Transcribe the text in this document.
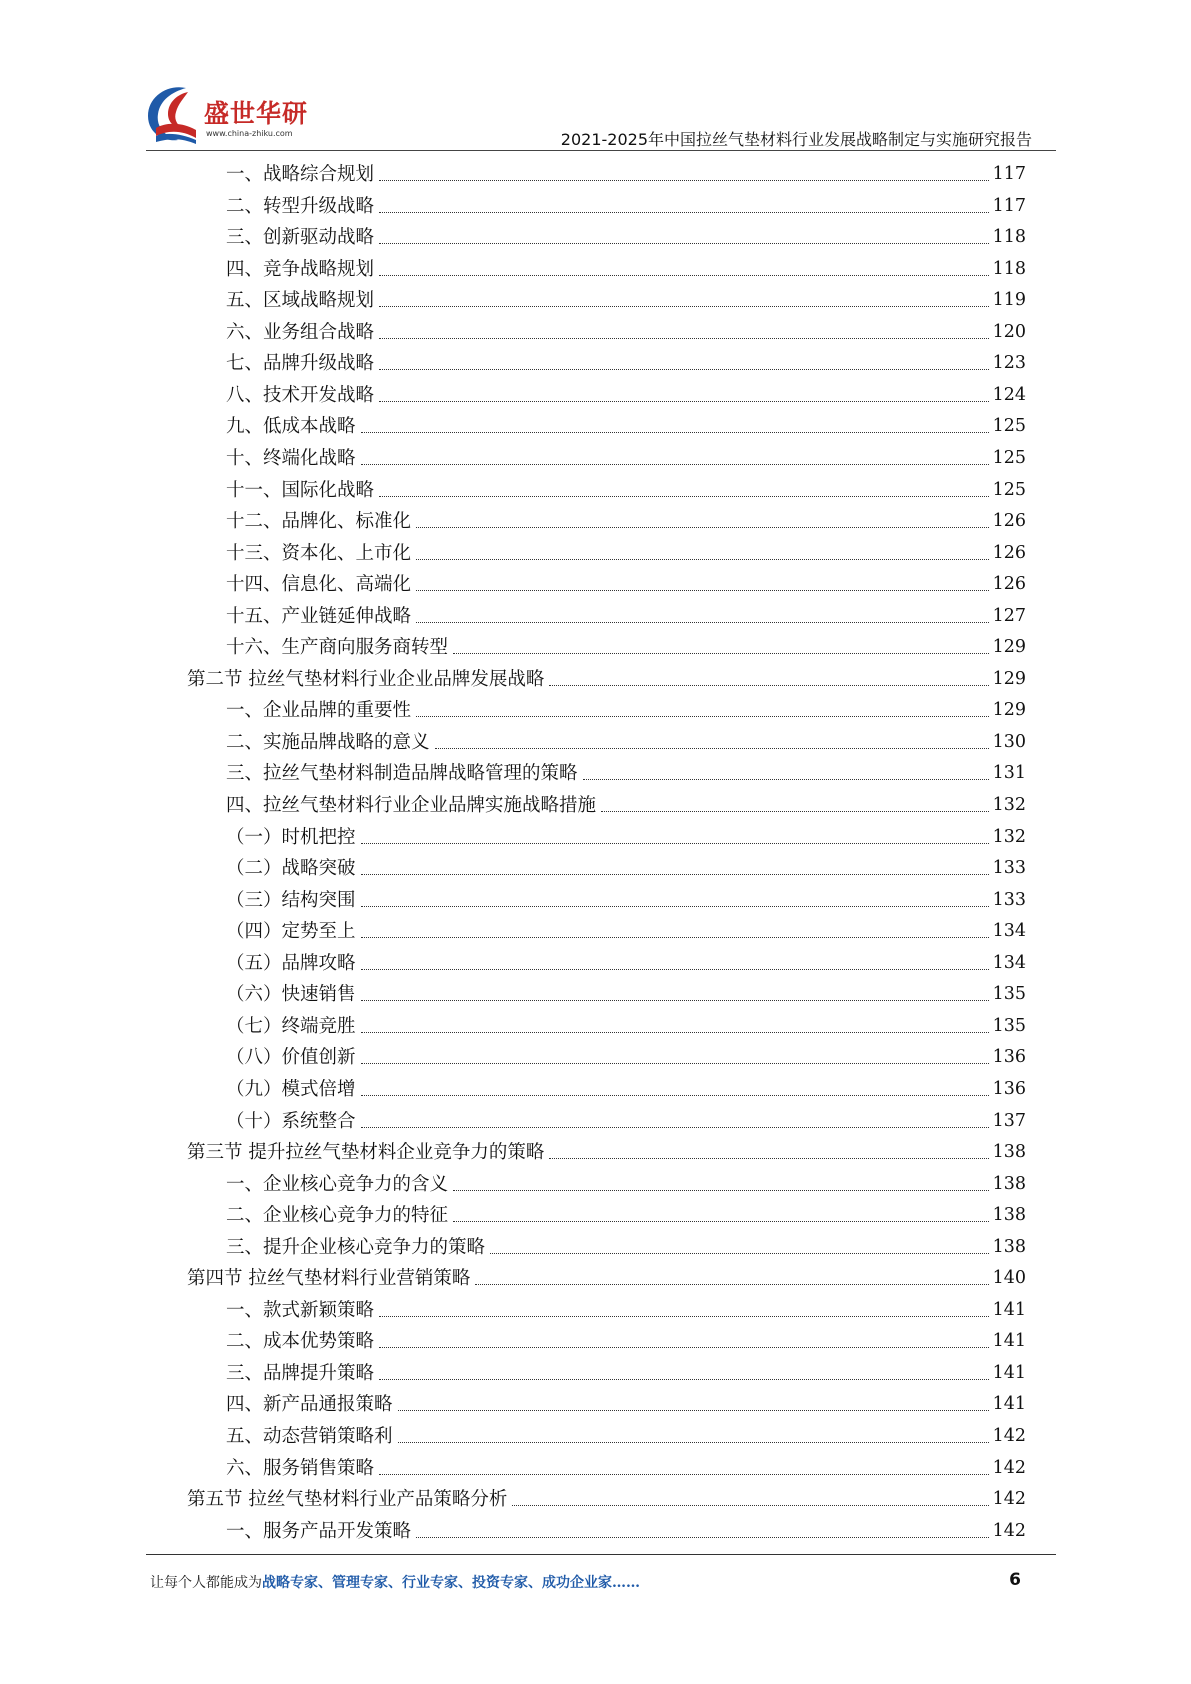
盛世华研
www.china-zhiku.com	2021-2025年中国拉丝气垫材料行业发展战略制定与实施研究报告
一、战略综合规划	117
二、转型升级战略	117
三、创新驱动战略	118
四、竞争战略规划	118
五、区域战略规划	119
六、业务组合战略	120
七、品牌升级战略	123
八、技术开发战略	124
九、低成本战略	125
十、终端化战略	125
十一、国际化战略	125
十二、品牌化、标准化	126
十三、资本化、上市化	126
十四、信息化、高端化	126
十五、产业链延伸战略	127
十六、生产商向服务商转型	129
第二节 拉丝气垫材料行业企业品牌发展战略	129
一、企业品牌的重要性	129
二、实施品牌战略的意义	130
三、拉丝气垫材料制造品牌战略管理的策略	131
四、拉丝气垫材料行业企业品牌实施战略措施	132
（一）时机把控	132
（二）战略突破	133
（三）结构突围	133
（四）定势至上	134
（五）品牌攻略	134
（六）快速销售	135
（七）终端竞胜	135
（八）价值创新	136
（九）模式倍增	136
（十）系统整合	137
第三节 提升拉丝气垫材料企业竞争力的策略	138
一、企业核心竞争力的含义	138
二、企业核心竞争力的特征	138
三、提升企业核心竞争力的策略	138
第四节 拉丝气垫材料行业营销策略	140
一、款式新颖策略	141
二、成本优势策略	141
三、品牌提升策略	141
四、新产品通报策略	141
五、动态营销策略利	142
六、服务销售策略	142
第五节 拉丝气垫材料行业产品策略分析	142
一、服务产品开发策略	142
让每个人都能成为战略专家、管理专家、行业专家、投资专家、成功企业家……	6
